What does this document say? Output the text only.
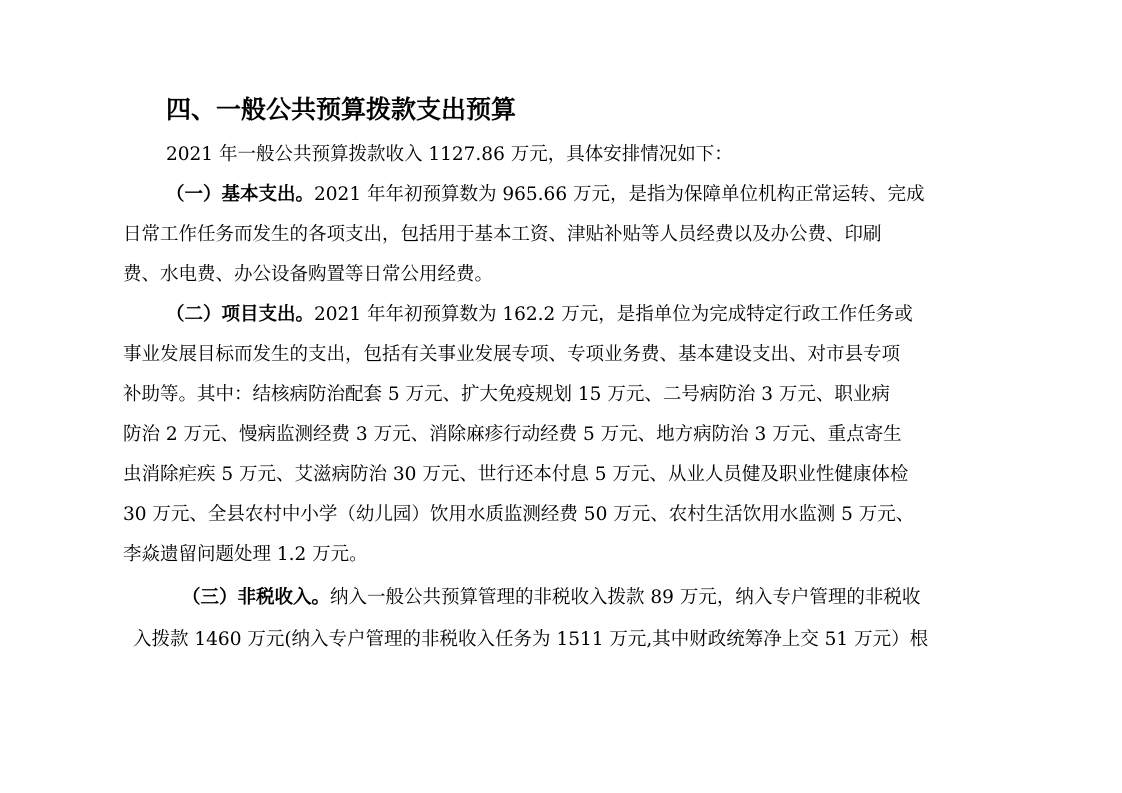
四、一般公共预算拨款支出预算
2021 年一般公共预算拨款收入 1127.86 万元，具体安排情况如下：
（一）基本支出。2021 年年初预算数为 965.66 万元，是指为保障单位机构正常运转、完成
日常工作任务而发生的各项支出，包括用于基本工资、津贴补贴等人员经费以及办公费、印刷
费、水电费、办公设备购置等日常公用经费。
（二）项目支出。2021 年年初预算数为 162.2 万元，是指单位为完成特定行政工作任务或
事业发展目标而发生的支出，包括有关事业发展专项、专项业务费、基本建设支出、对市县专项
补助等。其中：结核病防治配套 5 万元、扩大免疫规划 15 万元、二号病防治 3 万元、职业病
防治 2 万元、慢病监测经费 3 万元、消除麻疹行动经费 5 万元、地方病防治 3 万元、重点寄生
虫消除疟疾 5 万元、艾滋病防治 30 万元、世行还本付息 5 万元、从业人员健及职业性健康体检
30 万元、全县农村中小学（幼儿园）饮用水质监测经费 50 万元、农村生活饮用水监测 5 万元、
李焱遗留问题处理 1.2 万元。
（三）非税收入。纳入一般公共预算管理的非税收入拨款 89 万元，纳入专户管理的非税收
入拨款 1460 万元(纳入专户管理的非税收入任务为 1511 万元,其中财政统筹净上交 51 万元）根
